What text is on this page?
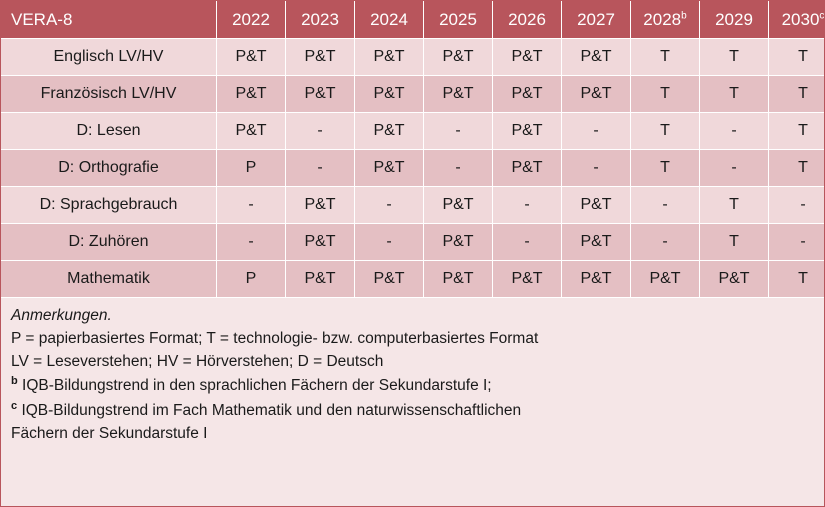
VERA-8	2022	2023	2024	2025	2026	2027	2028$^b$	2029	2030$^c$
Englisch LV/HV	P&T	P&T	P&T	P&T	P&T	P&T	T	T	T
Französisch LV/HV	P&T	P&T	P&T	P&T	P&T	P&T	T	T	T
D: Lesen	P&T	-	P&T	-	P&T	-	T	-	T
D: Orthografie	P	-	P&T	-	P&T	-	T	-	T
D: Sprachgebrauch	-	P&T	-	P&T	-	P&T	-	T	-
D: Zuhören	-	P&T	-	P&T	-	P&T	-	T	-
Mathematik	P	P&T	P&T	P&T	P&T	P&T	P&T	P&T	T
Anmerkungen.
P = papierbasiertes Format; T = technologie- bzw. computerbasiertes Format
LV = Leseverstehen; HV = Hörverstehen; D = Deutsch
$^b$ IQB-Bildungstrend in den sprachlichen Fächern der Sekundarstufe I;
$^c$ IQB-Bildungstrend im Fach Mathematik und den naturwissenschaftlichen
Fächern der Sekundarstufe I
